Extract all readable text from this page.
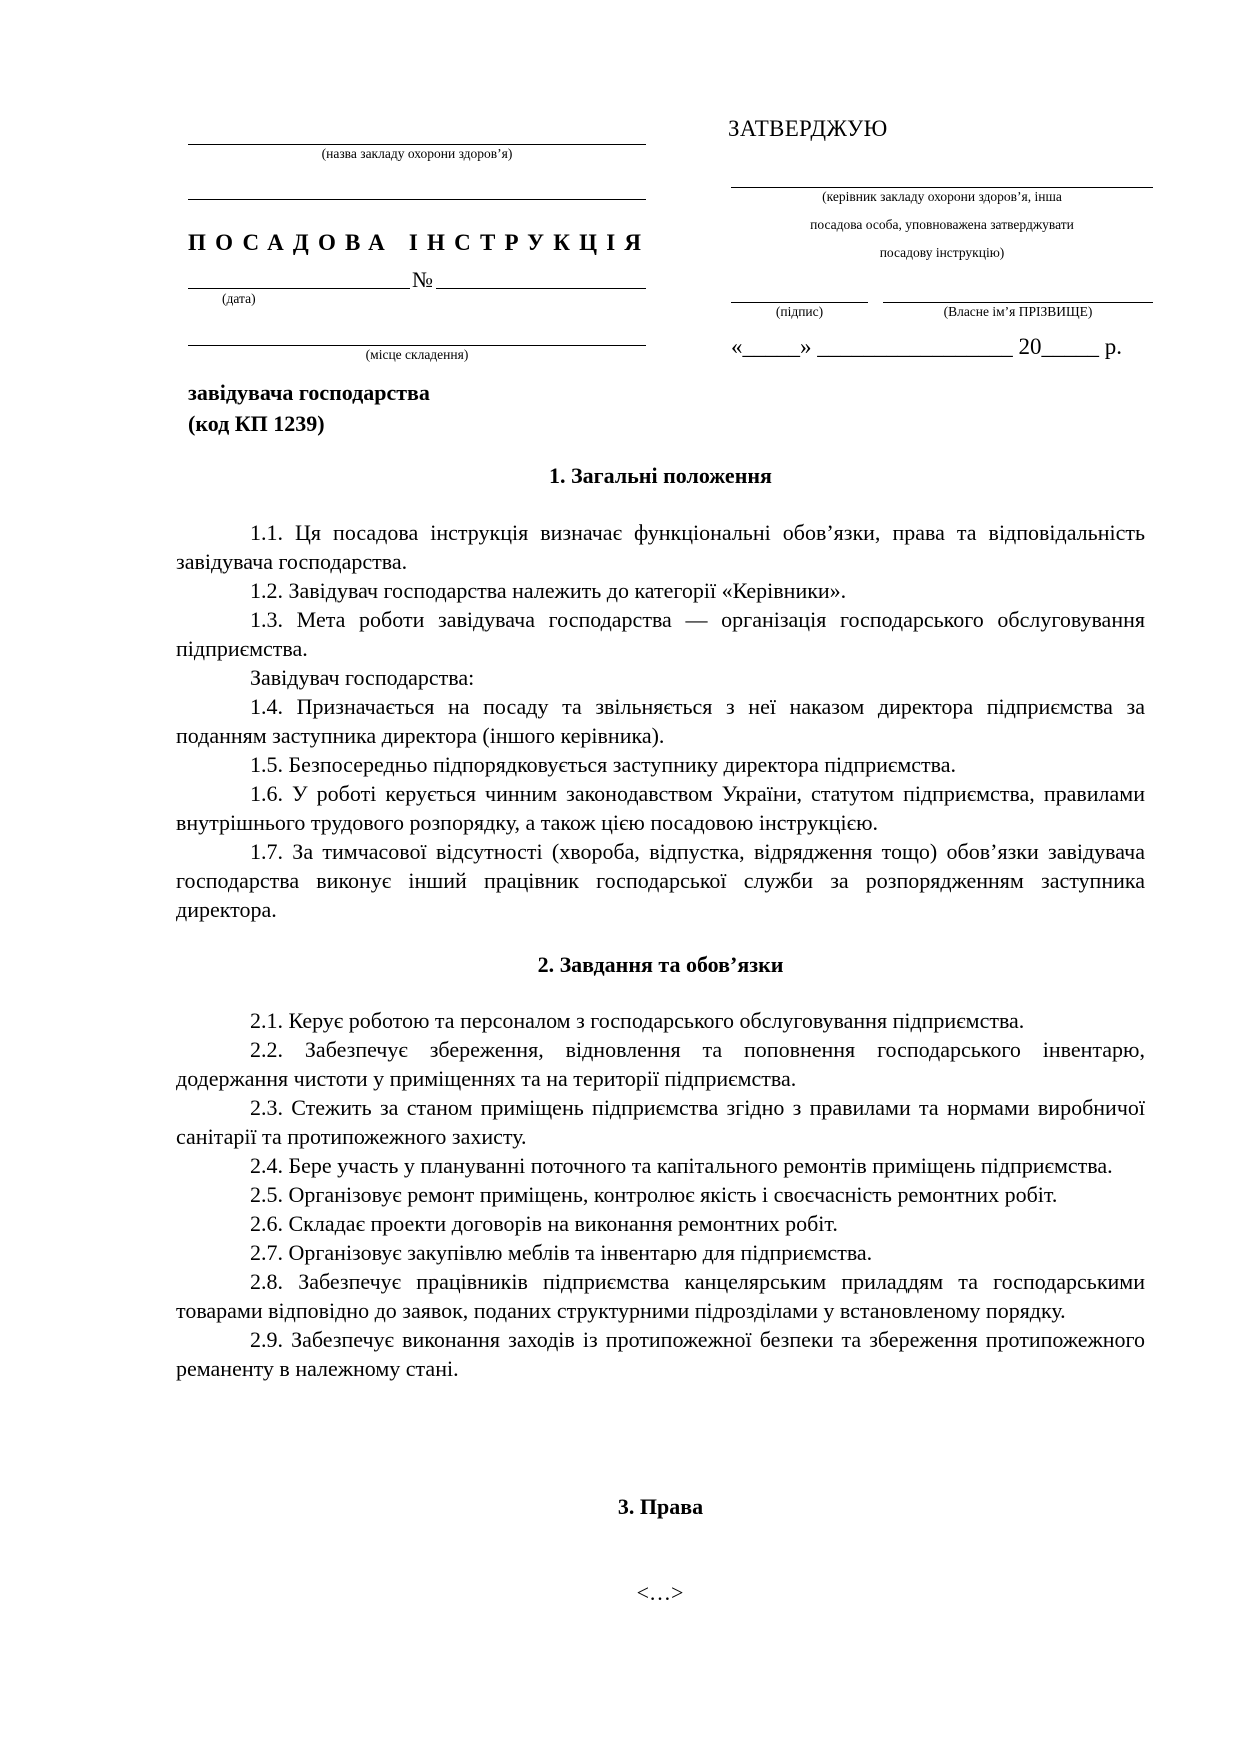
(назва закладу охорони здоров’я)
ПОСАДОВА ІНСТРУКЦІЯ
№
(дата)
(місце складення)
завідувача господарства
(код КП 1239)
ЗАТВЕРДЖУЮ
(керівник закладу охорони здоров’я, інша
посадова особа, уповноважена затверджувати
посадову інструкцію)
(підпис)	(Власне ім’я ПРІЗВИЩЕ)
«_____» _________________ 20_____ р.
1. Загальні положення

1.1. Ця посадова інструкція визначає функціональні обов’язки, права та відповідальність завідувача господарства.

1.2. Завідувач господарства належить до категорії «Керівники».

1.3. Мета роботи завідувача господарства — організація господарського обслуговування підприємства.

Завідувач господарства:

1.4. Призначається на посаду та звільняється з неї наказом директора підприємства за поданням заступника директора (іншого керівника).

1.5. Безпосередньо підпорядковується заступнику директора підприємства.

1.6. У роботі керується чинним законодавством України, статутом підприємства, правилами внутрішнього трудового розпорядку, а також цією посадовою інструкцією.

1.7. За тимчасової відсутності (хвороба, відпустка, відрядження тощо) обов’язки завідувача господарства виконує інший працівник господарської служби за розпорядженням заступника директора.

2. Завдання та обов’язки

2.1. Керує роботою та персоналом з господарського обслуговування підприємства.

2.2. Забезпечує збереження, відновлення та поповнення господарського інвентарю, додержання чистоти у приміщеннях та на території підприємства.

2.3. Стежить за станом приміщень підприємства згідно з правилами та нормами виробничої санітарії та протипожежного захисту.

2.4. Бере участь у плануванні поточного та капітального ремонтів приміщень підприємства.

2.5. Організовує ремонт приміщень, контролює якість і своєчасність ремонтних робіт.

2.6. Складає проекти договорів на виконання ремонтних робіт.

2.7. Організовує закупівлю меблів та інвентарю для підприємства.

2.8. Забезпечує працівників підприємства канцелярським приладдям та господарськими товарами відповідно до заявок, поданих структурними підрозділами у встановленому порядку.

2.9. Забезпечує виконання заходів із протипожежної безпеки та збереження протипожежного реманенту в належному стані.

3. Права
<…>
